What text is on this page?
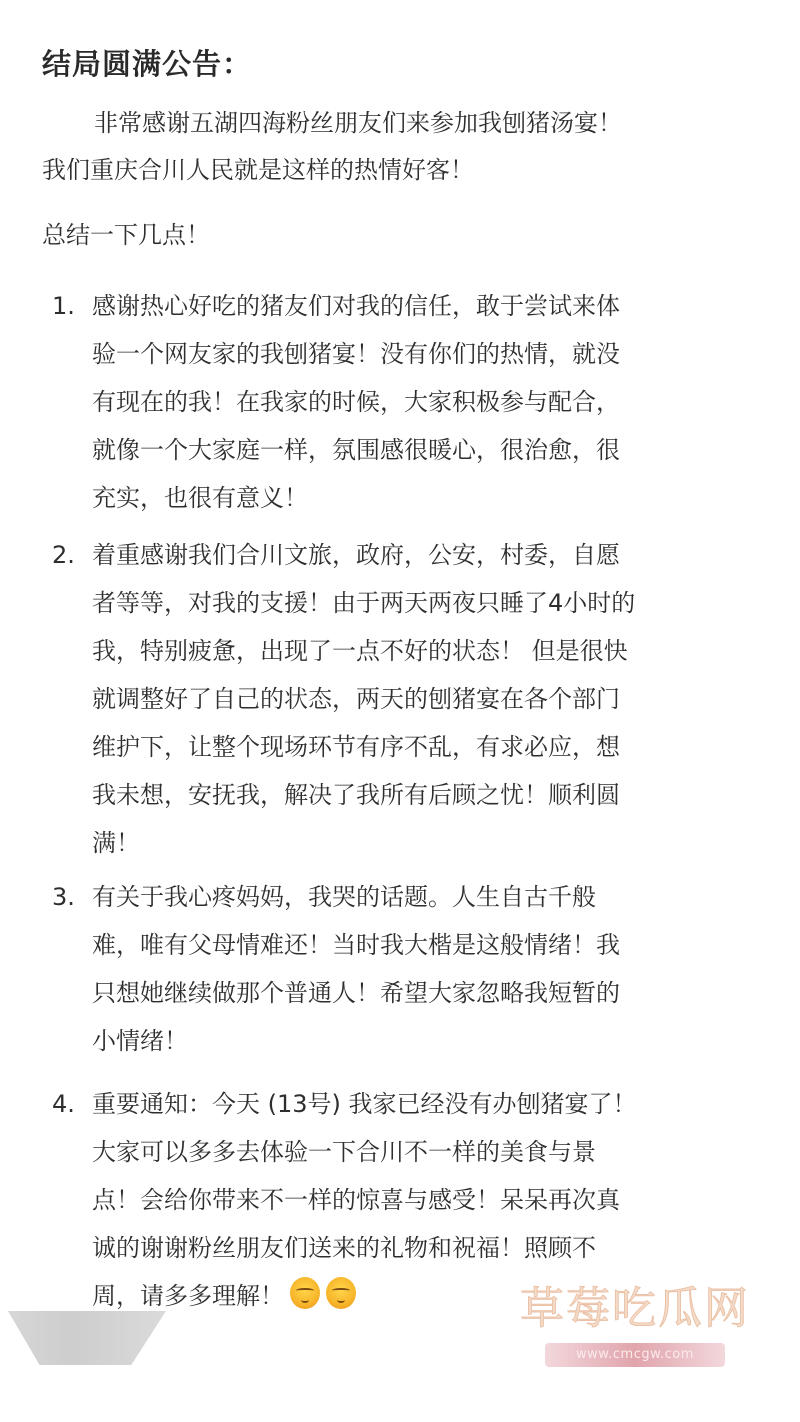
结局圆满公告：

非常感谢五湖四海粉丝朋友们来参加我刨猪汤宴！
我们重庆合川人民就是这样的热情好客！

总结一下几点！

1. 感谢热心好吃的猪友们对我的信任，敢于尝试来体
验一个网友家的我刨猪宴！没有你们的热情，就没
有现在的我！在我家的时候，大家积极参与配合，
就像一个大家庭一样，氛围感很暖心，很治愈，很
充实，也很有意义！
2. 着重感谢我们合川文旅，政府，公安，村委，自愿
者等等，对我的支援！由于两天两夜只睡了4小时的
我，特别疲惫，出现了一点不好的状态！ 但是很快
就调整好了自己的状态，两天的刨猪宴在各个部门
维护下，让整个现场环节有序不乱，有求必应，想
我未想，安抚我，解决了我所有后顾之忧！顺利圆
满！
3. 有关于我心疼妈妈，我哭的话题。人生自古千般
难，唯有父母情难还！当时我大楷是这般情绪！我
只想她继续做那个普通人！希望大家忽略我短暂的
小情绪！
4. 重要通知：今天 (13号) 我家已经没有办刨猪宴了！
大家可以多多去体验一下合川不一样的美食与景
点！会给你带来不一样的惊喜与感受！呆呆再次真
诚的谢谢粉丝朋友们送来的礼物和祝福！照顾不
周，请多多理解！	草莓吃瓜网
www.cmcgw.com
